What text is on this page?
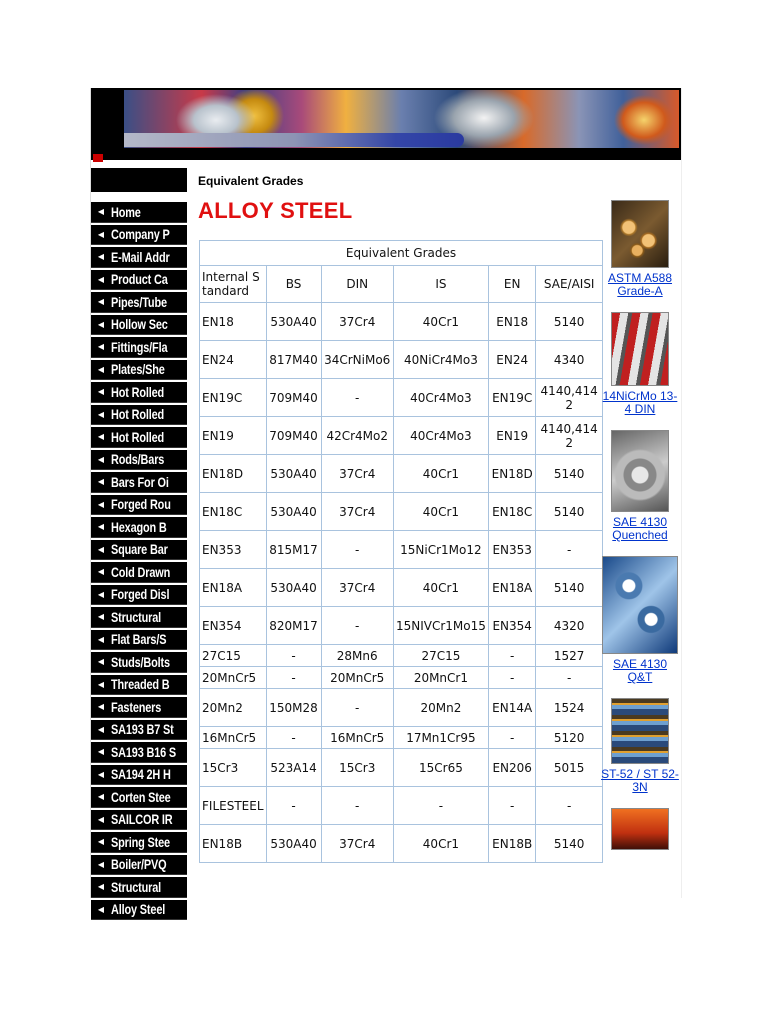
◀ Home
◀ Company P
◀ E-Mail Addr
◀ Product Ca
◀ Pipes/Tube
◀ Hollow Sec
◀ Fittings/Fla
◀ Plates/She
◀ Hot Rolled
◀ Hot Rolled
◀ Hot Rolled
◀ Rods/Bars
◀ Bars For Oi
◀ Forged Rou
◀ Hexagon B
◀ Square Bar
◀ Cold Drawn
◀ Forged Disl
◀ Structural
◀ Flat Bars/S
◀ Studs/Bolts
◀ Threaded B
◀ Fasteners
◀ SA193 B7 St
◀ SA193 B16 S
◀ SA194 2H H
◀ Corten Stee
◀ SAILCOR IR
◀ Spring Stee
◀ Boiler/PVQ
◀ Structural
◀ Alloy Steel
Equivalent Grades
ALLOY STEEL
Equivalent Grades					
Internal Standard	BS	DIN	IS	EN	SAE/AISI
EN18	530A40	37Cr4	40Cr1	EN18	5140
EN24	817M40	34CrNiMo6	40NiCr4Mo3	EN24	4340
EN19C	709M40	-	40Cr4Mo3	EN19C	4140,4142
EN19	709M40	42Cr4Mo2	40Cr4Mo3	EN19	4140,4142
EN18D	530A40	37Cr4	40Cr1	EN18D	5140
EN18C	530A40	37Cr4	40Cr1	EN18C	5140
EN353	815M17	-	15NiCr1Mo12	EN353	-
EN18A	530A40	37Cr4	40Cr1	EN18A	5140
EN354	820M17	-	15NIVCr1Mo15	EN354	4320
27C15	-	28Mn6	27C15	-	1527
20MnCr5	-	20MnCr5	20MnCr1	-	-
20Mn2	150M28	-	20Mn2	EN14A	1524
16MnCr5	-	16MnCr5	17Mn1Cr95	-	5120
15Cr3	523A14	15Cr3	15Cr65	EN206	5015
FILESTEEL	-	-	-	-	-
EN18B	530A40	37Cr4	40Cr1	EN18B	5140
ASTM A588 Grade-A
14NiCrMo 13-4 DIN
SAE 4130 Quenched
SAE 4130 Q&T
ST-52 / ST 52-3N
